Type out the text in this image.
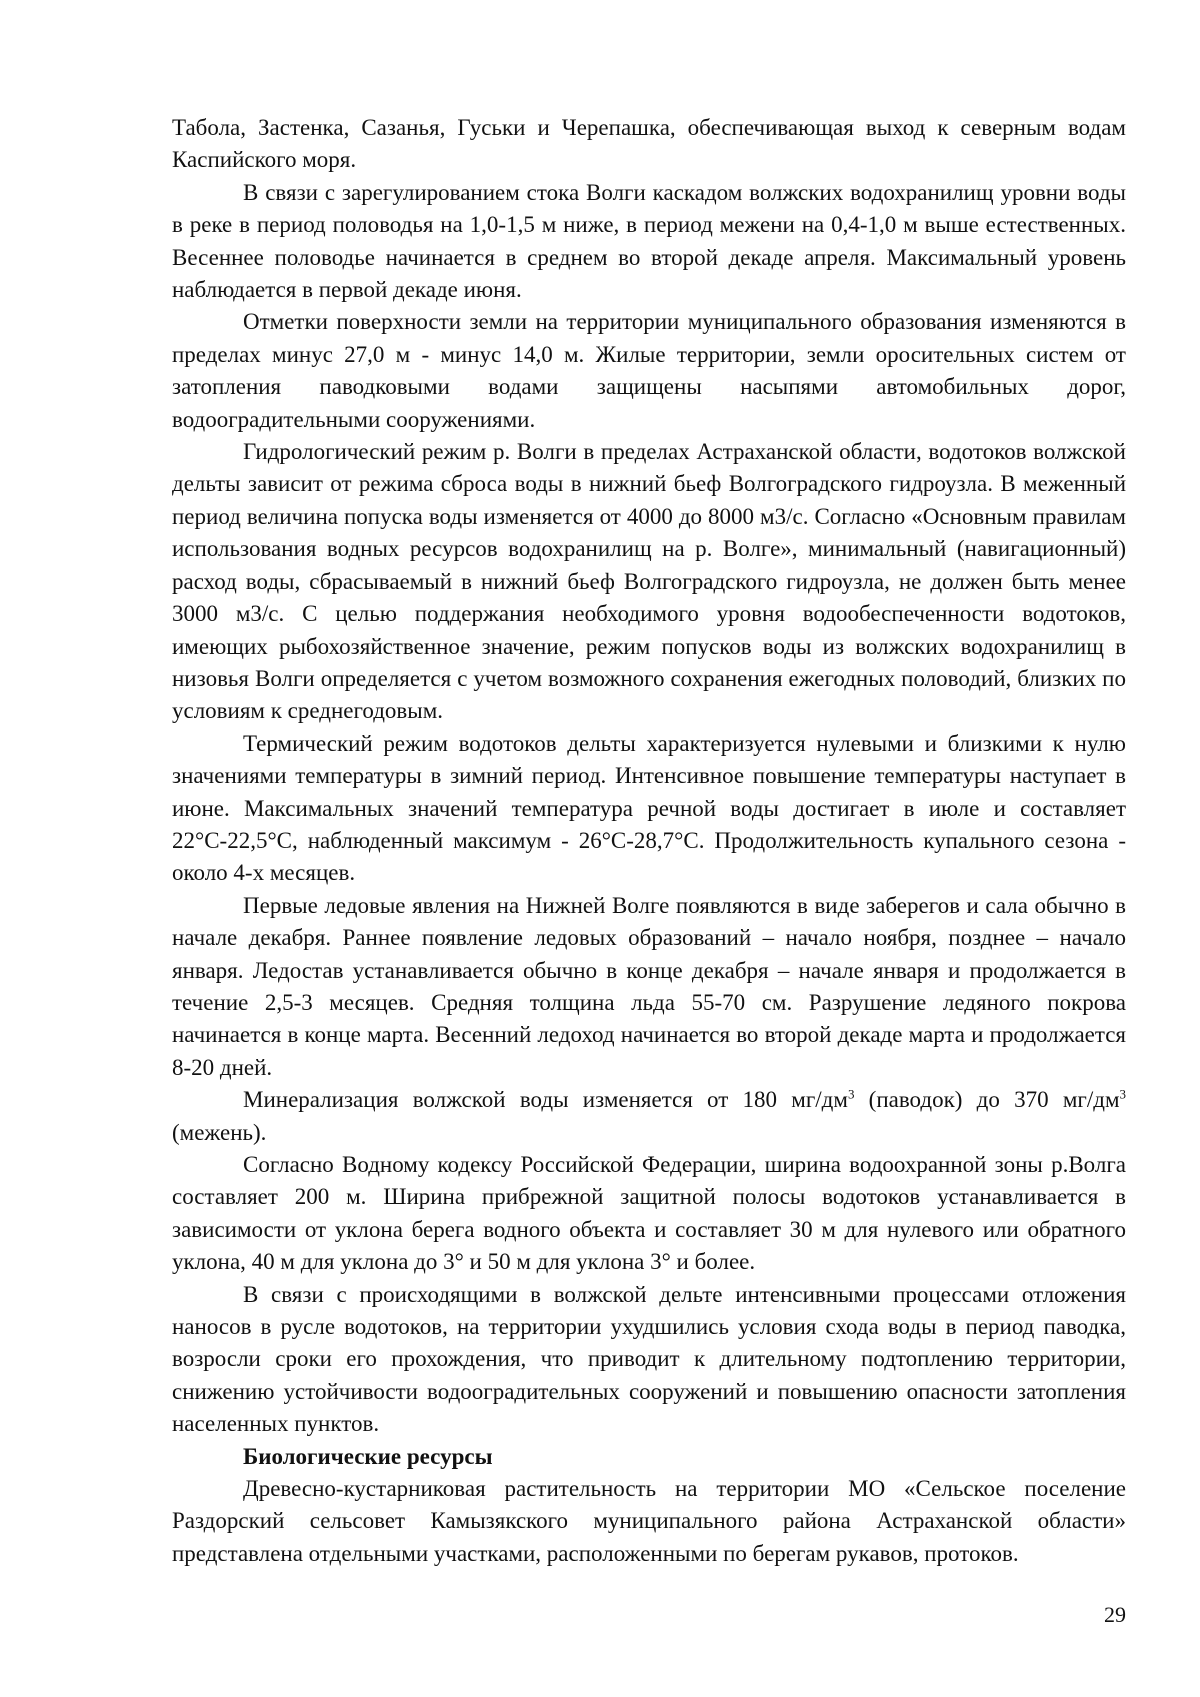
Табола, Застенка, Сазанья, Гуськи и Черепашка, обеспечивающая выход к северным водам Каспийского моря.

В связи с зарегулированием стока Волги каскадом волжских водохранилищ уровни воды в реке в период половодья на 1,0-1,5 м ниже, в период межени на 0,4-1,0 м выше естественных. Весеннее половодье начинается в среднем во второй декаде апреля. Максимальный уровень наблюдается в первой декаде июня.

Отметки поверхности земли на территории муниципального образования изменяются в пределах минус 27,0 м - минус 14,0 м. Жилые территории, земли оросительных систем от затопления паводковыми водами защищены насыпями автомобильных дорог, водооградительными сооружениями.

Гидрологический режим р. Волги в пределах Астраханской области, водотоков волжской дельты зависит от режима сброса воды в нижний бьеф Волгоградского гидроузла. В меженный период величина попуска воды изменяется от 4000 до 8000 м3/с. Согласно «Основным правилам использования водных ресурсов водохранилищ на р. Волге», минимальный (навигационный) расход воды, сбрасываемый в нижний бьеф Волгоградского гидроузла, не должен быть менее 3000 м3/с. С целью поддержания необходимого уровня водообеспеченности водотоков, имеющих рыбохозяйственное значение, режим попусков воды из волжских водохранилищ в низовья Волги определяется с учетом возможного сохранения ежегодных половодий, близких по условиям к среднегодовым.

Термический режим водотоков дельты характеризуется нулевыми и близкими к нулю значениями температуры в зимний период. Интенсивное повышение температуры наступает в июне. Максимальных значений температура речной воды достигает в июле и составляет 22°С-22,5°С, наблюденный максимум - 26°С-28,7°С. Продолжительность купального сезона - около 4-х месяцев.

Первые ледовые явления на Нижней Волге появляются в виде заберегов и сала обычно в начале декабря. Раннее появление ледовых образований – начало ноября, позднее – начало января. Ледостав устанавливается обычно в конце декабря – начале января и продолжается в течение 2,5-3 месяцев. Средняя толщина льда 55-70 см. Разрушение ледяного покрова начинается в конце марта. Весенний ледоход начинается во второй декаде марта и продолжается 8-20 дней.

Минерализация волжской воды изменяется от 180 $мг/дм^3$ (паводок) до 370 $мг/дм^3$ (межень).

Согласно Водному кодексу Российской Федерации, ширина водоохранной зоны р.Волга составляет 200 м. Ширина прибрежной защитной полосы водотоков устанавливается в зависимости от уклона берега водного объекта и составляет 30 м для нулевого или обратного уклона, 40 м для уклона до 3° и 50 м для уклона 3° и более.

В связи с происходящими в волжской дельте интенсивными процессами отложения наносов в русле водотоков, на территории ухудшились условия схода воды в период паводка, возросли сроки его прохождения, что приводит к длительному подтоплению территории, снижению устойчивости водооградительных сооружений и повышению опасности затопления населенных пунктов.

Биологические ресурсы

Древесно-кустарниковая растительность на территории МО «Сельское поселение Раздорский сельсовет Камызякского муниципального района Астраханской области» представлена отдельными участками, расположенными по берегам рукавов, протоков.

29
